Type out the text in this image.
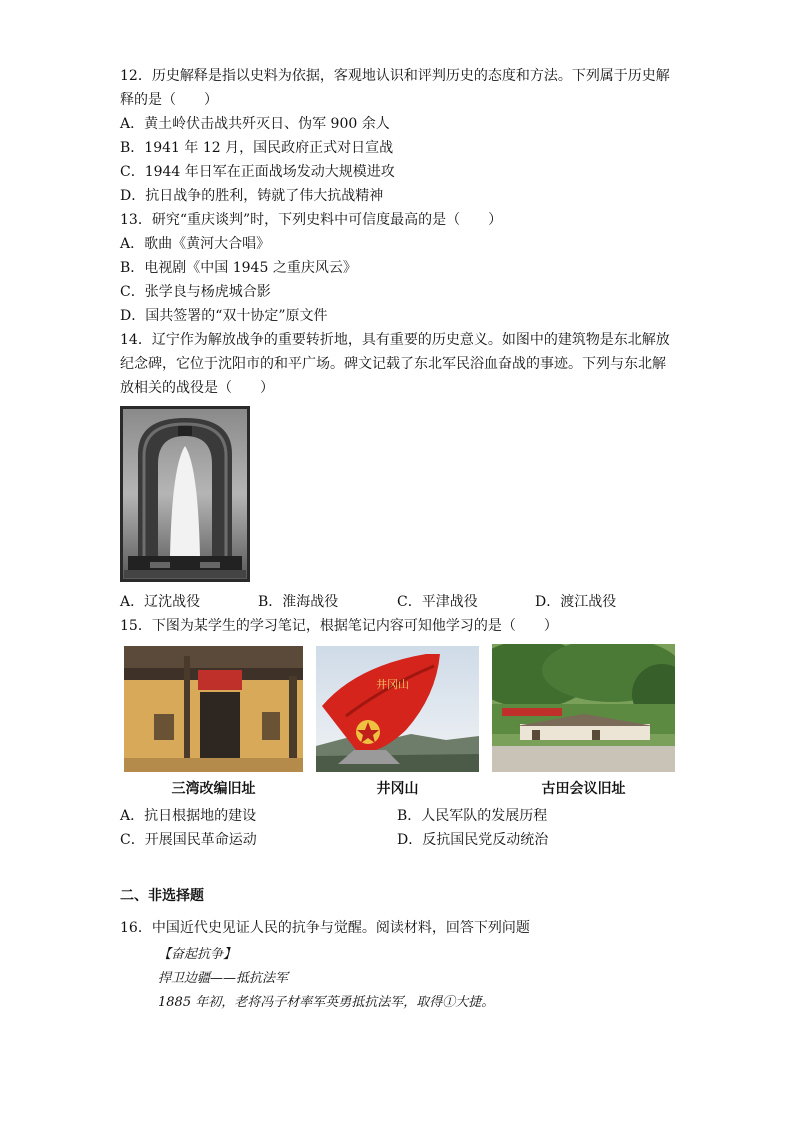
12．历史解释是指以史料为依据，客观地认识和评判历史的态度和方法。下列属于历史解
释的是（　　）
A．黄土岭伏击战共歼灭日、伪军 900 余人
B．1941 年 12 月，国民政府正式对日宣战
C．1944 年日军在正面战场发动大规模进攻
D．抗日战争的胜利，铸就了伟大抗战精神
13．研究“重庆谈判”时，下列史料中可信度最高的是（　　）
A．歌曲《黄河大合唱》
B．电视剧《中国 1945 之重庆风云》
C．张学良与杨虎城合影
D．国共签署的“双十协定”原文件
14．辽宁作为解放战争的重要转折地，具有重要的历史意义。如图中的建筑物是东北解放
纪念碑，它位于沈阳市的和平广场。碑文记载了东北军民浴血奋战的事迹。下列与东北解
放相关的战役是（　　）
A．辽沈战役	B．淮海战役	C．平津战役	D．渡江战役
15．下图为某学生的学习笔记，根据笔记内容可知他学习的是（　　）
井冈山
三湾改编旧址	井冈山	古田会议旧址
A．抗日根据地的建设	B．人民军队的发展历程
C．开展国民革命运动	D．反抗国民党反动统治
二、非选择题
16．中国近代史见证人民的抗争与觉醒。阅读材料，回答下列问题
【奋起抗争】
捍卫边疆——抵抗法军
1885 年初，老将冯子材率军英勇抵抗法军，取得①大捷。
